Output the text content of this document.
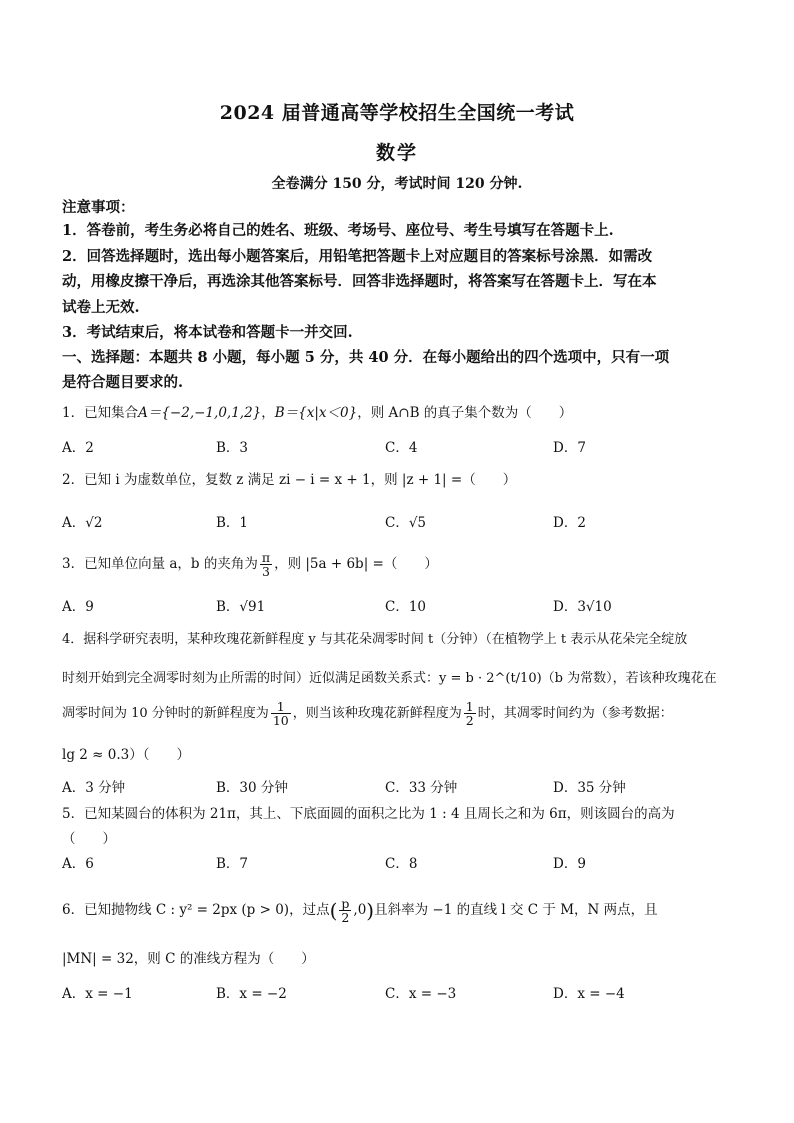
2024 届普通高等学校招生全国统一考试
数学
全卷满分 150 分，考试时间 120 分钟.
注意事项：
1．答卷前，考生务必将自己的姓名、班级、考场号、座位号、考生号填写在答题卡上.
2．回答选择题时，选出每小题答案后，用铅笔把答题卡上对应题目的答案标号涂黑．如需改
动，用橡皮擦干净后，再选涂其他答案标号．回答非选择题时，将答案写在答题卡上．写在本
试卷上无效.
3．考试结束后，将本试卷和答题卡一并交回.
一、选择题：本题共 8 小题，每小题 5 分，共 40 分．在每小题给出的四个选项中，只有一项
是符合题目要求的.
1．已知集合A＝{−2,−1,0,1,2}，B＝{x|x＜0}，则 A∩B 的真子集个数为（　　）
A．2	B．3	C．4	D．7
2．已知 i 为虚数单位，复数 z 满足 zi − i = x + 1，则 |z + 1| =（　　）
A．√2	B．1	C．√5	D．2
3．已知单位向量 a，b 的夹角为 $\frac{\pi}{3}$ ，则 |5a + 6b| =（　　）
A．9	B．√91	C．10	D．3√10
4．据科学研究表明，某种玫瑰花新鲜程度 y 与其花朵凋零时间 t（分钟）（在植物学上 t 表示从花朵完全绽放
时刻开始到完全凋零时刻为止所需的时间）近似满足函数关系式：y = b · 2^(t/10)（b 为常数），若该种玫瑰花在
凋零时间为 10 分钟时的新鲜程度为 $\frac{1}{10}$ ，则当该种玫瑰花新鲜程度为 $\frac{1}{2}$ 时，其凋零时间约为（参考数据：
lg 2 ≈ 0.3）（　　）
A．3 分钟	B．30 分钟	C．33 分钟	D．35 分钟
5．已知某圆台的体积为 21π，其上、下底面圆的面积之比为 1 : 4 且周长之和为 6π，则该圆台的高为
（　　）
A．6	B．7	C．8	D．9
6．已知抛物线 C : y² = 2px (p > 0)，过点( $\frac{p}{2} ,0$)且斜率为 −1 的直线 l 交 C 于 M，N 两点，且
|MN| = 32，则 C 的准线方程为（　　）
A．x = −1	B．x = −2	C．x = −3	D．x = −4
